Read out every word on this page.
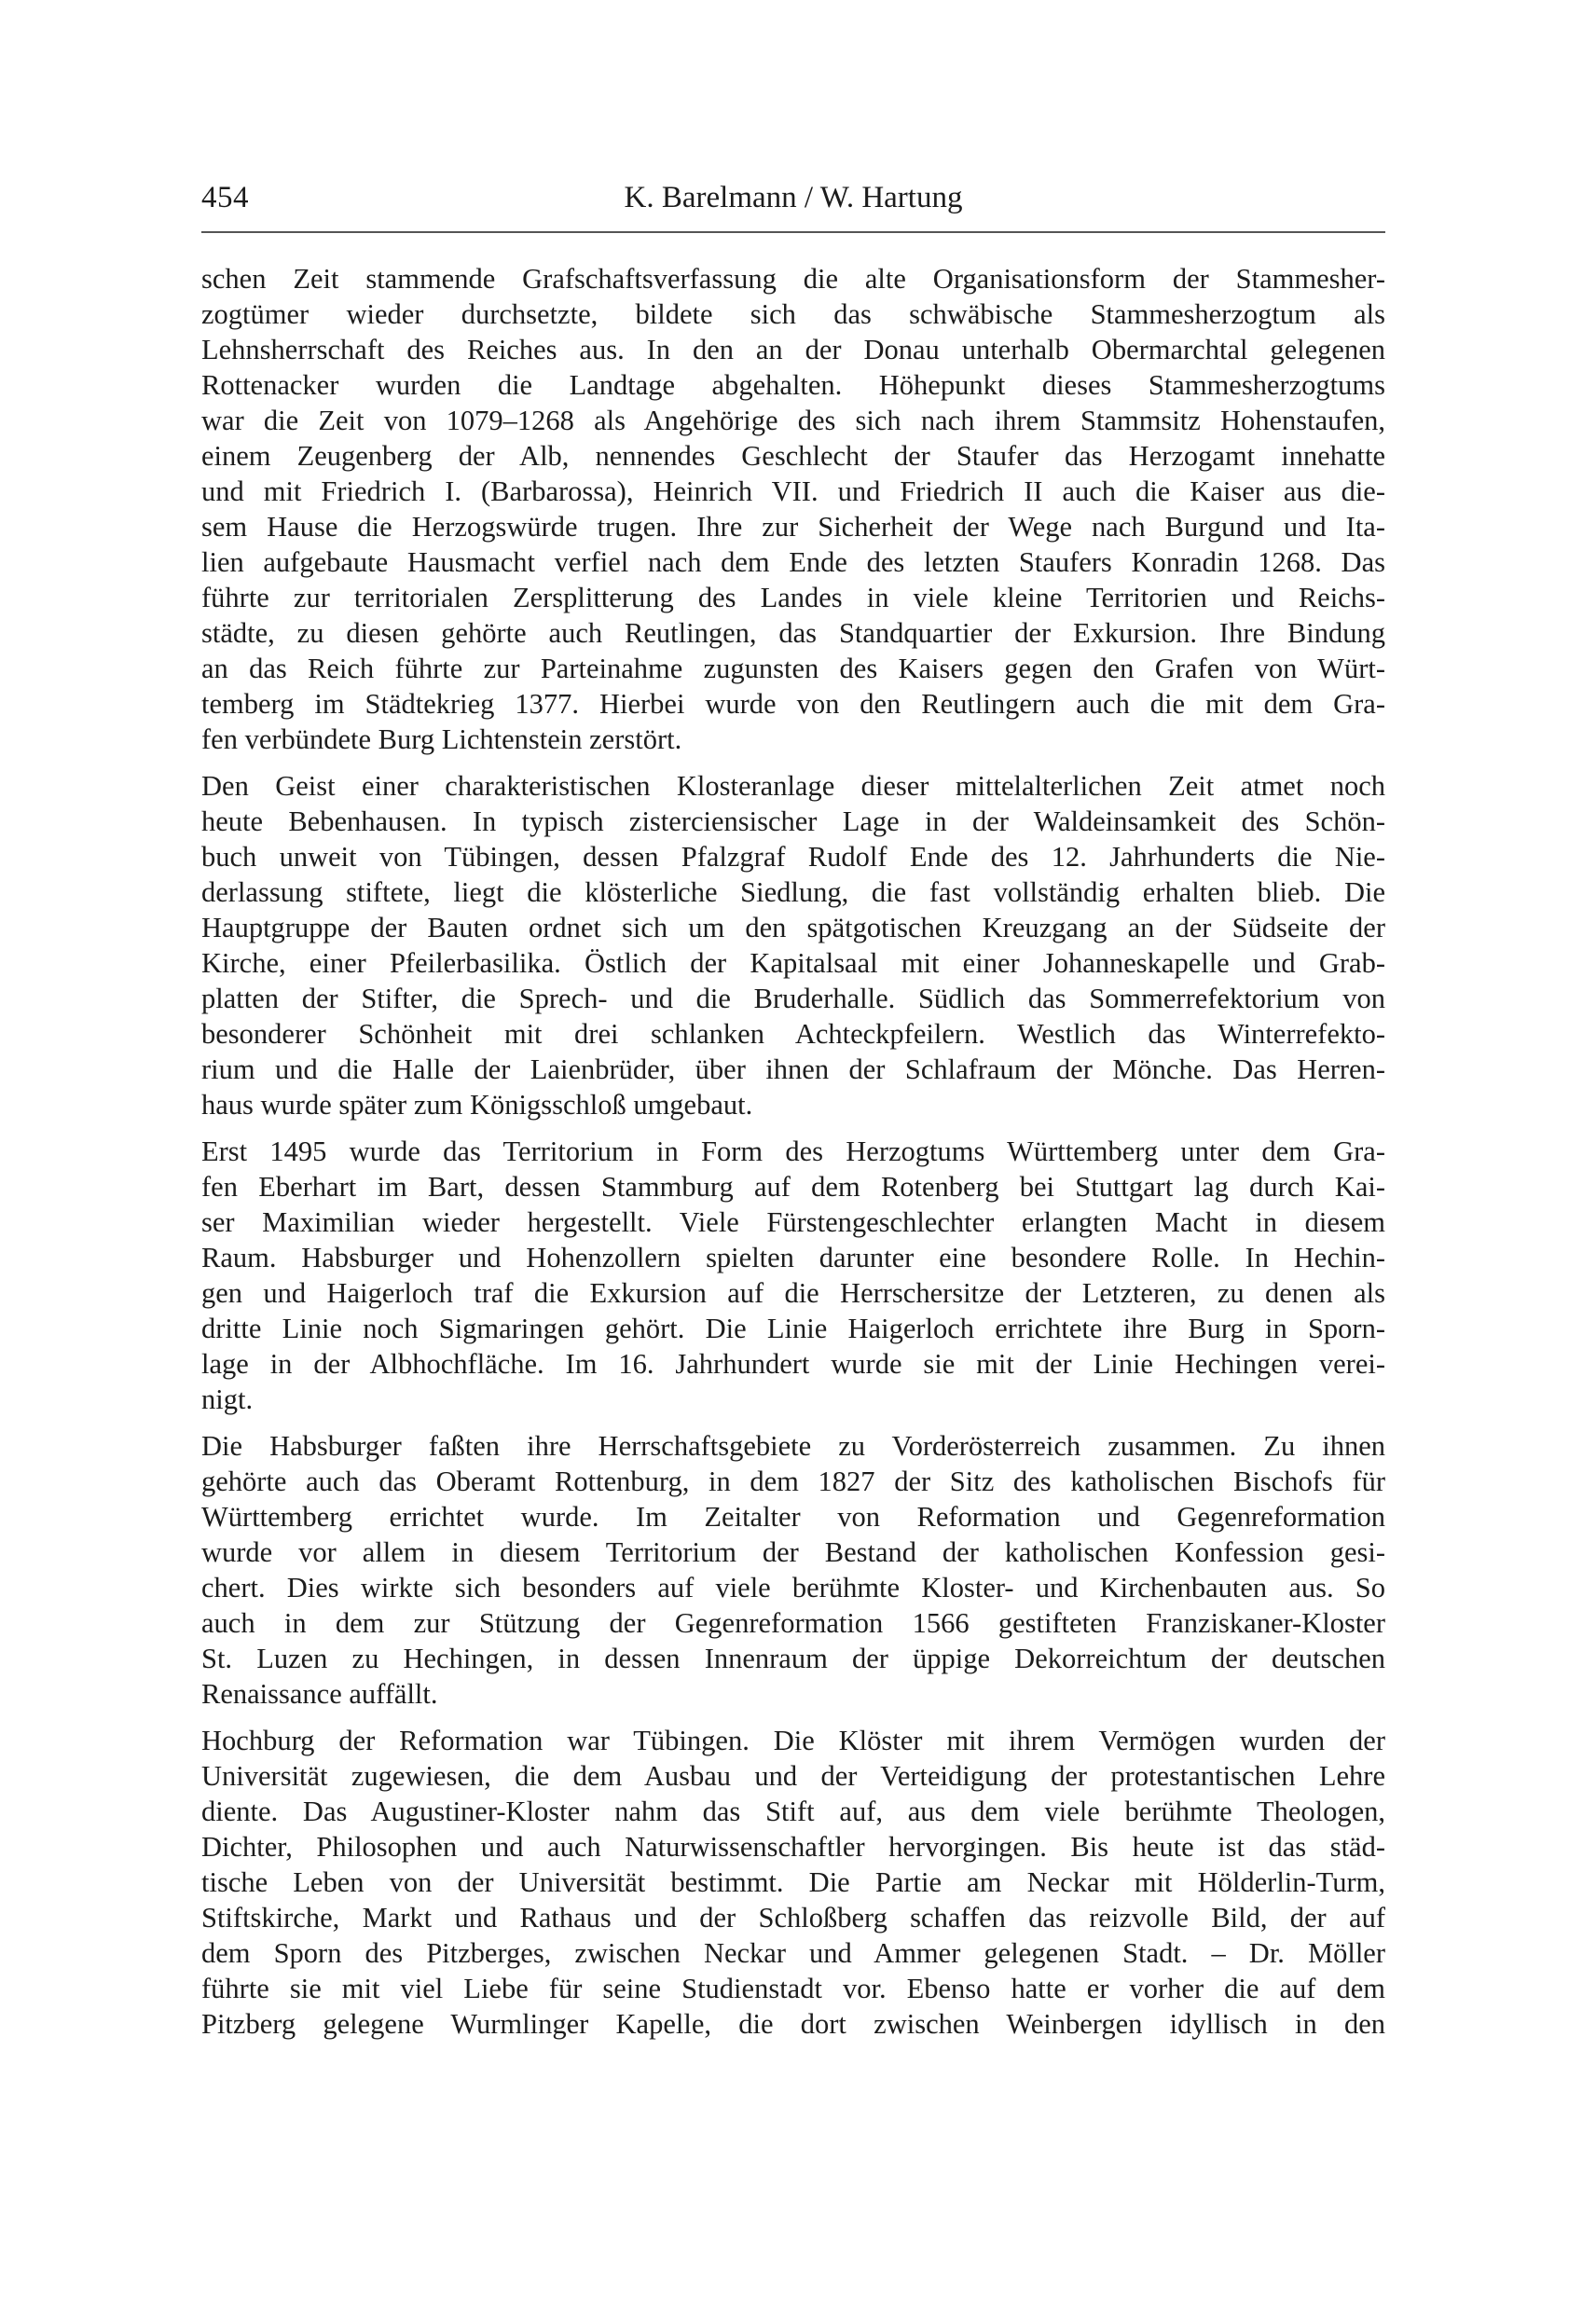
454	K. Barelmann / W. Hartung
schen Zeit stammende Grafschaftsverfassung die alte Organisationsform der Stammesher-
zogtümer wieder durchsetzte, bildete sich das schwäbische Stammesherzogtum als
Lehnsherrschaft des Reiches aus. In den an der Donau unterhalb Obermarchtal gelegenen
Rottenacker wurden die Landtage abgehalten. Höhepunkt dieses Stammesherzogtums
war die Zeit von 1079–1268 als Angehörige des sich nach ihrem Stammsitz Hohenstaufen,
einem Zeugenberg der Alb, nennendes Geschlecht der Staufer das Herzogamt innehatte
und mit Friedrich I. (Barbarossa), Heinrich VII. und Friedrich II auch die Kaiser aus die-
sem Hause die Herzogswürde trugen. Ihre zur Sicherheit der Wege nach Burgund und Ita-
lien aufgebaute Hausmacht verfiel nach dem Ende des letzten Staufers Konradin 1268. Das
führte zur territorialen Zersplitterung des Landes in viele kleine Territorien und Reichs-
städte, zu diesen gehörte auch Reutlingen, das Standquartier der Exkursion. Ihre Bindung
an das Reich führte zur Parteinahme zugunsten des Kaisers gegen den Grafen von Würt-
temberg im Städtekrieg 1377. Hierbei wurde von den Reutlingern auch die mit dem Gra-
fen verbündete Burg Lichtenstein zerstört.
Den Geist einer charakteristischen Klosteranlage dieser mittelalterlichen Zeit atmet noch
heute Bebenhausen. In typisch zisterciensischer Lage in der Waldeinsamkeit des Schön-
buch unweit von Tübingen, dessen Pfalzgraf Rudolf Ende des 12. Jahrhunderts die Nie-
derlassung stiftete, liegt die klösterliche Siedlung, die fast vollständig erhalten blieb. Die
Hauptgruppe der Bauten ordnet sich um den spätgotischen Kreuzgang an der Südseite der
Kirche, einer Pfeilerbasilika. Östlich der Kapitalsaal mit einer Johanneskapelle und Grab-
platten der Stifter, die Sprech- und die Bruderhalle. Südlich das Sommerrefektorium von
besonderer Schönheit mit drei schlanken Achteckpfeilern. Westlich das Winterrefekto-
rium und die Halle der Laienbrüder, über ihnen der Schlafraum der Mönche. Das Herren-
haus wurde später zum Königsschloß umgebaut.
Erst 1495 wurde das Territorium in Form des Herzogtums Württemberg unter dem Gra-
fen Eberhart im Bart, dessen Stammburg auf dem Rotenberg bei Stuttgart lag durch Kai-
ser Maximilian wieder hergestellt. Viele Fürstengeschlechter erlangten Macht in diesem
Raum. Habsburger und Hohenzollern spielten darunter eine besondere Rolle. In Hechin-
gen und Haigerloch traf die Exkursion auf die Herrschersitze der Letzteren, zu denen als
dritte Linie noch Sigmaringen gehört. Die Linie Haigerloch errichtete ihre Burg in Sporn-
lage in der Albhochfläche. Im 16. Jahrhundert wurde sie mit der Linie Hechingen verei-
nigt.
Die Habsburger faßten ihre Herrschaftsgebiete zu Vorderösterreich zusammen. Zu ihnen
gehörte auch das Oberamt Rottenburg, in dem 1827 der Sitz des katholischen Bischofs für
Württemberg errichtet wurde. Im Zeitalter von Reformation und Gegenreformation
wurde vor allem in diesem Territorium der Bestand der katholischen Konfession gesi-
chert. Dies wirkte sich besonders auf viele berühmte Kloster- und Kirchenbauten aus. So
auch in dem zur Stützung der Gegenreformation 1566 gestifteten Franziskaner-Kloster
St. Luzen zu Hechingen, in dessen Innenraum der üppige Dekorreichtum der deutschen
Renaissance auffällt.
Hochburg der Reformation war Tübingen. Die Klöster mit ihrem Vermögen wurden der
Universität zugewiesen, die dem Ausbau und der Verteidigung der protestantischen Lehre
diente. Das Augustiner-Kloster nahm das Stift auf, aus dem viele berühmte Theologen,
Dichter, Philosophen und auch Naturwissenschaftler hervorgingen. Bis heute ist das städ-
tische Leben von der Universität bestimmt. Die Partie am Neckar mit Hölderlin-Turm,
Stiftskirche, Markt und Rathaus und der Schloßberg schaffen das reizvolle Bild, der auf
dem Sporn des Pitzberges, zwischen Neckar und Ammer gelegenen Stadt. – Dr. Möller
führte sie mit viel Liebe für seine Studienstadt vor. Ebenso hatte er vorher die auf dem
Pitzberg gelegene Wurmlinger Kapelle, die dort zwischen Weinbergen idyllisch in den
